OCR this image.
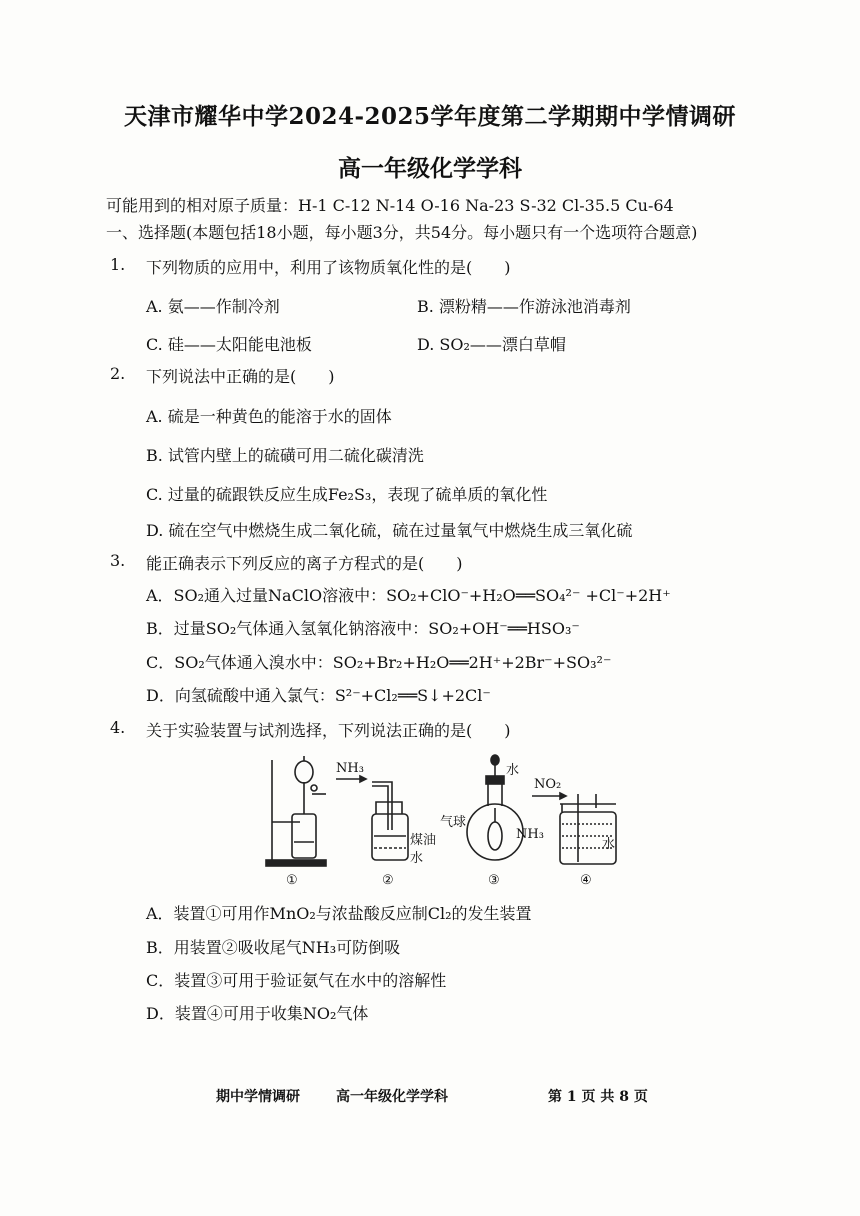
天津市耀华中学2024-2025学年度第二学期期中学情调研
高一年级化学学科
可能用到的相对原子质量：H-1 C-12 N-14 O-16 Na-23 S-32 Cl-35.5 Cu-64
一、选择题(本题包括18小题，每小题3分，共54分。每小题只有一个选项符合题意)
1. 下列物质的应用中，利用了该物质氧化性的是(　　)
A. 氨——作制冷剂	B. 漂粉精——作游泳池消毒剂
C. 硅——太阳能电池板	D. SO₂——漂白草帽
2. 下列说法中正确的是(　　)
A. 硫是一种黄色的能溶于水的固体
B. 试管内壁上的硫磺可用二硫化碳清洗
C. 过量的硫跟铁反应生成Fe₂S₃，表现了硫单质的氧化性
D. 硫在空气中燃烧生成二氧化硫，硫在过量氧气中燃烧生成三氧化硫
3. 能正确表示下列反应的离子方程式的是(　　)
A．SO₂通入过量NaClO溶液中：SO₂+ClO⁻+H₂O══SO₄²⁻ +Cl⁻+2H⁺
B．过量SO₂气体通入氢氧化钠溶液中：SO₂+OH⁻══HSO₃⁻
C．SO₂气体通入溴水中：SO₂+Br₂+H₂O══2H⁺+2Br⁻+SO₃²⁻
D．向氢硫酸中通入氯气：S²⁻+Cl₂══S↓+2Cl⁻
4. 关于实验装置与试剂选择，下列说法正确的是(　　)
NH₃
煤油
水
水
气球
NH₃
NO₂
水
①	②	③	④
A．装置①可用作MnO₂与浓盐酸反应制Cl₂的发生装置
B．用装置②吸收尾气NH₃可防倒吸
C．装置③可用于验证氨气在水中的溶解性
D．装置④可用于收集NO₂气体
期中学情调研	高一年级化学学科	第 1 页 共 8 页
